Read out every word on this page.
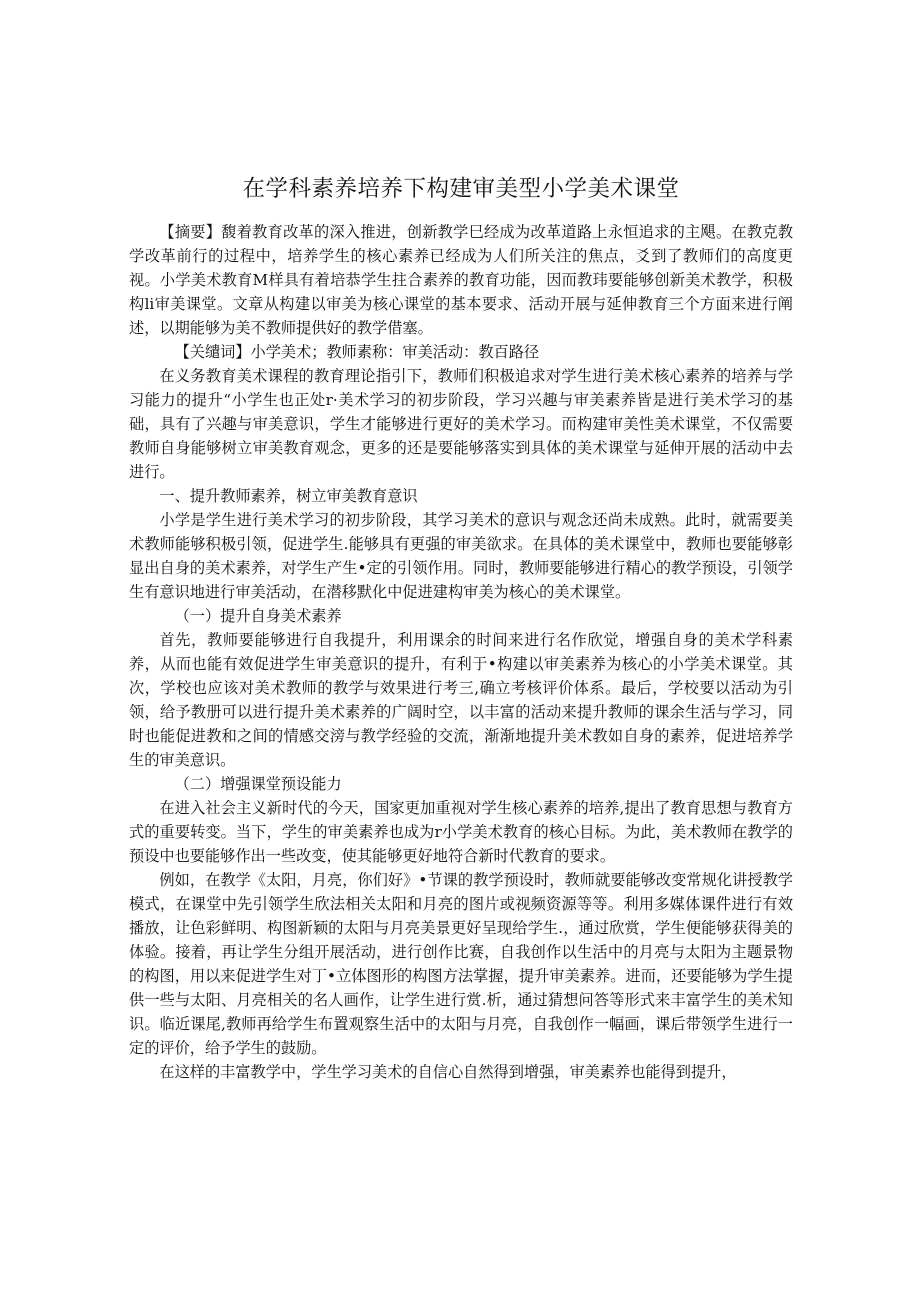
在学科素养培养下构建审美型小学美术课堂

【摘要】馥着教育改革的深入推进，创新教学巳经成为改革道路上永恒追求的主飓。在教克教学改革前行的过程中，培养学生的核心素养已经成为人们所关注的焦点，爻到了教师们的高度更视。小学美术教育M样具有着培恭学生拄合素养的教育功能，因而教玮要能够创新美术教学，积极构li审美课堂。文章从构建以审美为核心课堂的基本要求、活动开展与延伸教育三个方面来进行阐述，以期能够为美不教师提供好的教学借塞。

【关缱词】小学美术；教师素称：审美活动：教百路径

在义务教育美术课程的教育理论指引下，教师们积极追求对学生进行美术核心素养的培养与学习能力的提升“小学生也正处r·美术学习的初步阶段，学习兴趣与审美素养皆是进行美术学习的基础，具有了兴趣与审美意识，学生才能够进行更好的美术学习。而构建审美性美术课堂，不仅需要教师自身能够树立审美教育观念，更多的还是要能够落实到具体的美术课堂与延伸开展的活动中去进行。

一、提升教师素养，树立审美教育意识

小学是学生进行美术学习的初步阶段，其学习美术的意识与观念还尚未成熟。此时，就需要美术教师能够积极引领，促进学生.能够具有更强的审美欲求。在具体的美术课堂中，教师也要能够彰显出自身的美术素养，对学生产生•定的引领作用。同时，教师要能够进行精心的教学预设，引领学生有意识地进行审美活动，在潜移默化中促进建构审美为核心的美术课堂。

（一）提升自身美术素养

首先，教师要能够进行自我提升，利用课余的时间来进行名作欣觉，增强自身的美术学科素养，从而也能有效促进学生审美意识的提升，有利于•构建以审美素养为核心的小学美术课堂。其次，学校也应该对美术教师的教学与效果进行考三,确立考核评价体系。最后，学校要以活动为引领，给予教册可以进行提升美术素养的广阔时空，以丰富的活动来提升教师的课余生活与学习，同时也能促进教和之间的情感交滂与教学经验的交流，渐渐地提升美术教如自身的素养，促进培养学生的审美意识。

（二）增强课堂预设能力

在进入社会主义新时代的今天，国家更加重视对学生核心素养的培养,提出了教育思想与教育方式的重要转变。当下，学生的审美素养也成为r小学美术教育的核心目标。为此，美术教师在教学的预设中也要能够作出一些改变，使其能够更好地符合新时代教育的要求。

例如，在教学《太阳，月亮，你们好》•节课的教学预设时，教师就要能够改变常规化讲授教学模式，在课堂中先引领学生欣法相关太阳和月亮的图片或视频资源等等。利用多媒体课件进行有效播放，让色彩鲜明、构图新颖的太阳与月亮美景更好呈现给学生.，通过欣赏，学生便能够获得美的体验。接着，再让学生分组开展活动，进行创作比赛，自我创作以生活中的月亮与太阳为主题景物的构图，用以来促进学生对丁•立体图形的构图方法掌握，提升审美素养。进而，还要能够为学生提供一些与太阳、月亮相关的名人画作，让学生进行赏.析，通过猜想问答等形式来丰富学生的美术知识。临近课尾,教师再给学生布置观察生活中的太阳与月亮，自我创作一幅画，课后带领学生进行一定的评价，给予学生的鼓励。

在这样的丰富教学中，学生学习美术的自信心自然得到增强，审美素养也能得到提升，
